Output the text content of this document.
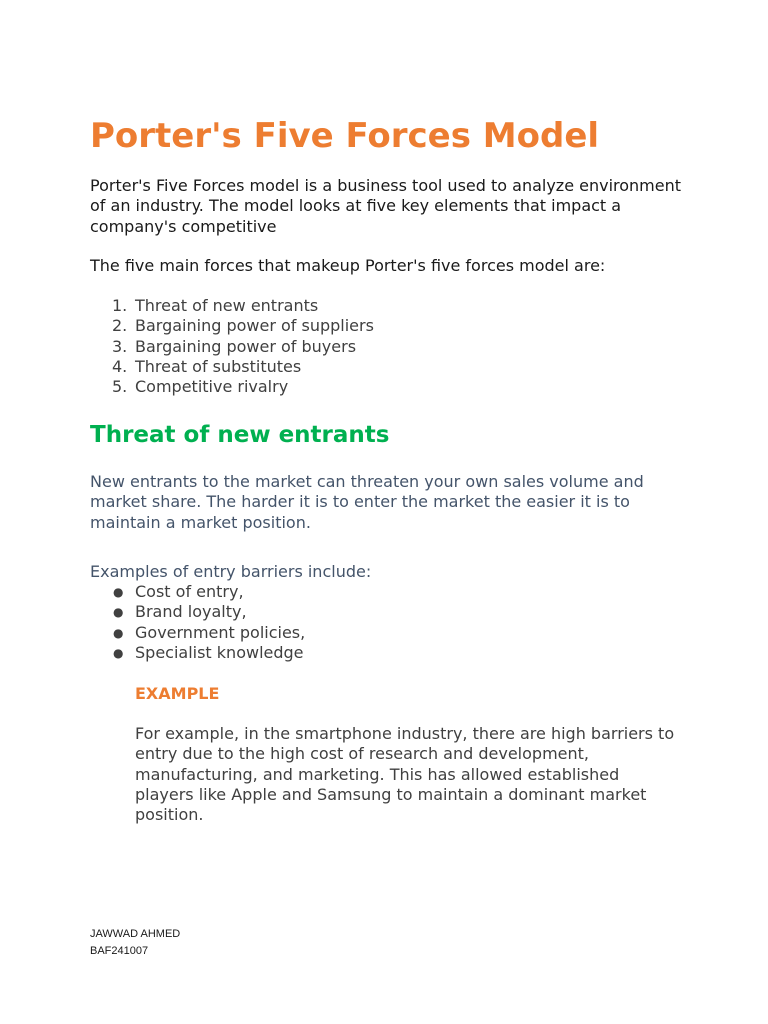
Porter's Five Forces Model

Porter's Five Forces model is a business tool used to analyze environment of an industry. The model looks at five key elements that impact a company's competitive

The five main forces that makeup Porter's five forces model are:

1. Threat of new entrants
2. Bargaining power of suppliers
3. Bargaining power of buyers
4. Threat of substitutes
5. Competitive rivalry
Threat of new entrants

New entrants to the market can threaten your own sales volume and market share. The harder it is to enter the market the easier it is to maintain a market position.

Examples of entry barriers include:

● Cost of entry,
● Brand loyalty,
● Government policies,
● Specialist knowledge

EXAMPLE

For example, in the smartphone industry, there are high barriers to entry due to the high cost of research and development, manufacturing, and marketing. This has allowed established players like Apple and Samsung to maintain a dominant market position.

JAWWAD AHMED
BAF241007
